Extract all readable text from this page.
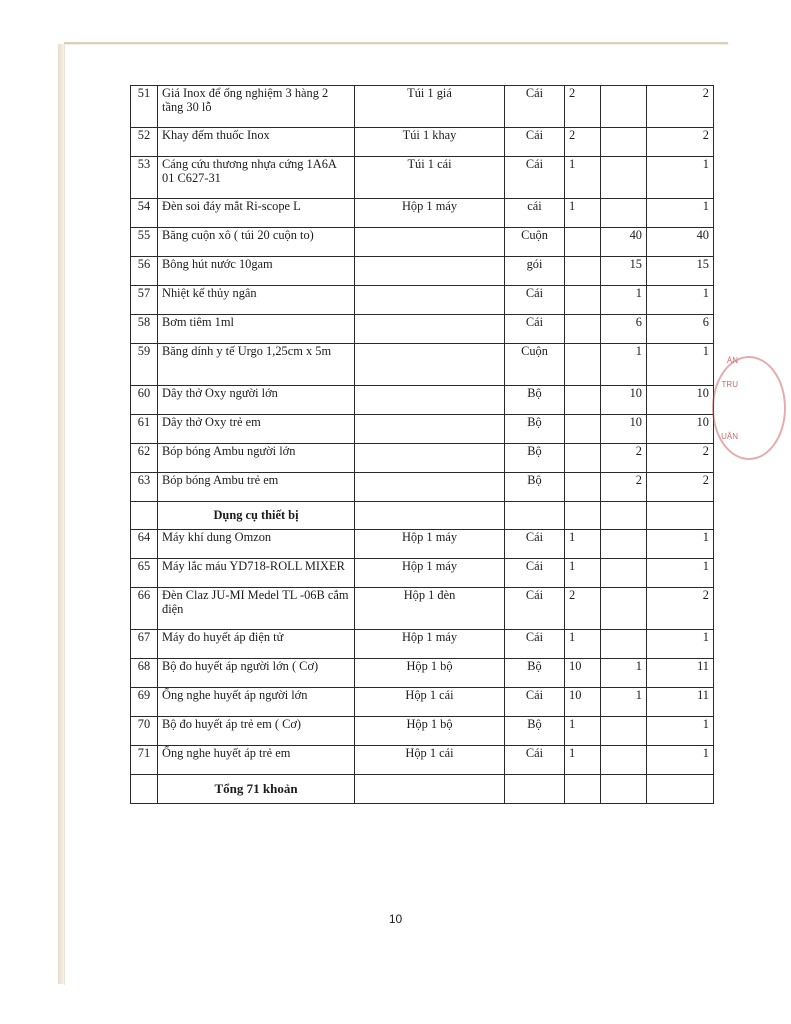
51	Giá Inox để ống nghiệm 3 hàng 2 tầng 30 lỗ	Túi 1 giá	Cái	2		2
52	Khay đếm thuốc Inox	Túi 1 khay	Cái	2		2
53	Cáng cứu thương nhựa cứng 1A6A 01 C627-31	Túi 1 cái	Cái	1		1
54	Đèn soi đáy mắt Ri-scope L	Hộp 1 máy	cái	1		1
55	Băng cuộn xô ( túi 20 cuộn to)		Cuộn		40	40
56	Bông hút nước 10gam		gói		15	15
57	Nhiệt kế thủy ngân		Cái		1	1
58	Bơm tiêm 1ml		Cái		6	6
59	Băng dính y tế Urgo 1,25cm x 5m		Cuộn		1	1
60	Dây thở Oxy người lớn		Bộ		10	10
61	Dây thở Oxy trẻ em		Bộ		10	10
62	Bóp bóng Ambu người lớn		Bộ		2	2
63	Bóp bóng Ambu trẻ em		Bộ		2	2
	Dụng cụ thiết bị					
64	Máy khí dung Omzon	Hộp 1 máy	Cái	1		1
65	Máy lắc máu YD718-ROLL MIXER	Hộp 1 máy	Cái	1		1
66	Đèn Claz JU-MI Medel TL -06B cắm điện	Hộp 1 đèn	Cái	2		2
67	Máy đo huyết áp điện tử	Hộp 1 máy	Cái	1		1
68	Bộ đo huyết áp người lớn ( Cơ)	Hộp 1 bộ	Bộ	10	1	11
69	Ống nghe huyết áp người lớn	Hộp 1 cái	Cái	10	1	11
70	Bộ đo huyết áp trẻ em ( Cơ)	Hộp 1 bộ	Bộ	1		1
71	Ống nghe huyết áp trẻ em	Hộp 1 cái	Cái	1		1
	Tổng 71 khoản					
ẢN
TRU
UẬN
10
